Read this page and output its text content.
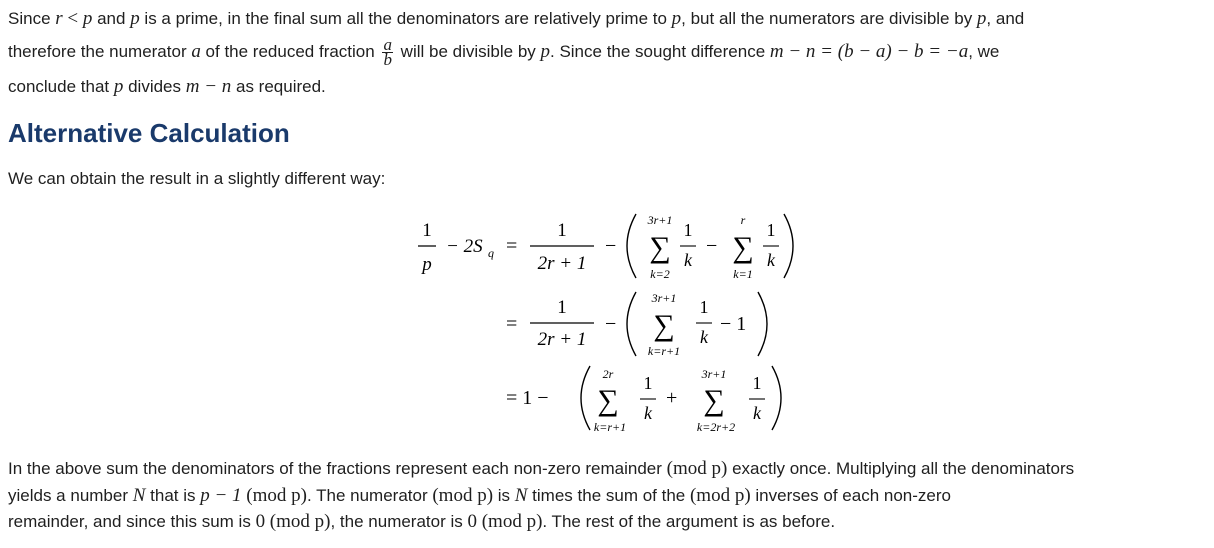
Since r < p and p is a prime, in the final sum all the denominators are relatively prime to p, but all the numerators are divisible by p, and
therefore the numerator a of the reduced fraction $\frac{a}{b}$ will be divisible by p. Since the sought difference m − n = (b − a) − b = −a, we
conclude that p divides m − n as required.
Alternative Calculation
We can obtain the result in a slightly different way:
1
p
− 2S q =
1
2r + 1
−
3r+1
∑
k=2
1
k
−
r
∑
k=1
1
k
=
1
2r + 1
−
3r+1
∑
k=r+1
1
k
− 1
= 1 −
2r
∑
k=r+1
1
k
+
3r+1
∑
k=2r+2
1
k
In the above sum the denominators of the fractions represent each non-zero remainder (mod p) exactly once. Multiplying all the denominators
yields a number N that is p − 1 (mod p). The numerator (mod p) is N times the sum of the (mod p) inverses of each non-zero
remainder, and since this sum is 0 (mod p), the numerator is 0 (mod p). The rest of the argument is as before.
